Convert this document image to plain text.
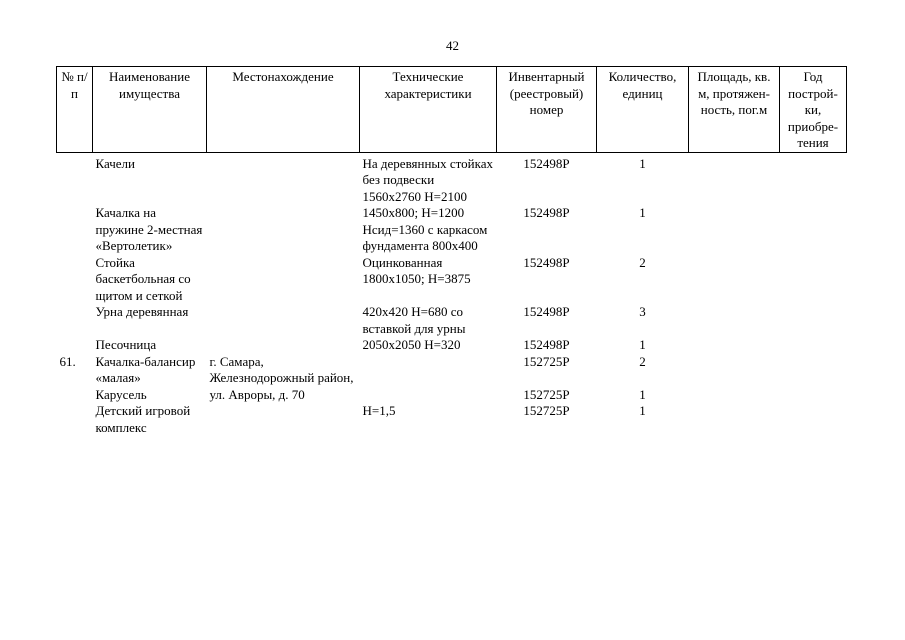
42
№ п/п	Наименование имущества	Местонахождение	Технические характеристики	Инвентарный (реестровый) номер	Количество, единиц	Площадь, кв. м, протяжен-ность, пог.м	Год построй-ки, приобре-тения
	Качели		На деревянных стойках без подвески 1560х2760 Н=2100	152498Р	1		
	Качалка на пружине 2-местная «Вертолетик»		1450х800; Н=1200 Нсид=1360 с каркасом фундамента 800х400	152498Р	1		
	Стойка баскетбольная со щитом и сеткой		Оцинкованная 1800х1050; Н=3875	152498Р	2		
	Урна деревянная		420х420 Н=680 со вставкой для урны	152498Р	3		
	Песочница		2050х2050 Н=320	152498Р	1		
61.	Качалка-балансир «малая»	г. Самара, Железнодорожный район, ул. Авроры, д. 70		152725Р	2		
	Карусель			152725Р	1		
	Детский игровой комплекс		Н=1,5	152725Р	1		
